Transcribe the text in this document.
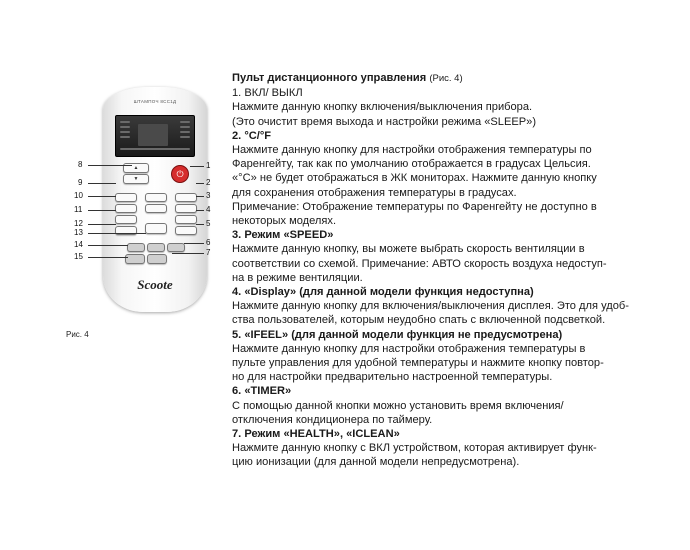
ШТАМПОЧ 8СС1Д
▲
▼
⏻
Scoote
8
9
10
11
12
13
14
15
1
2
3
4
5
6
7
Рис. 4
Пульт дистанционного управления (Рис. 4)
1. ВКЛ/ ВЫКЛ
Нажмите данную кнопку включения/выключения прибора.
(Это очистит время выхода и настройки режима «SLEEP»)
2. °C/°F
Нажмите данную кнопку для настройки отображения температуры по
Фаренгейту, так как по умолчанию отображается в градусах Цельсия.
«°C» не будет отображаться в ЖК мониторах. Нажмите данную кнопку
для сохранения отображения температуры в градусах.
Примечание: Отображение температуры по Фаренгейту не доступно в
некоторых моделях.
3. Режим «SPEED»
Нажмите данную кнопку, вы можете выбрать скорость вентиляции в
соответствии со схемой. Примечание: АВТО скорость воздуха недоступ-
на в режиме вентиляции.
4. «Display» (для данной модели функция недоступна)
Нажмите данную кнопку для включения/выключения дисплея. Это для удоб-
ства пользователей, которым неудобно спать с включенной подсветкой.
5. «IFEEL» (для данной модели функция не предусмотрена)
Нажмите данную кнопку для настройки отображения температуры в
пульте управления для удобной температуры и нажмите кнопку повтор-
но для настройки предварительно настроенной температуры.
6. «TIMER»
С помощью данной кнопки можно установить время включения/
отключения кондиционера по таймеру.
7. Режим «HEALTH», «ICLEAN»
Нажмите данную кнопку с ВКЛ устройством, которая активирует функ-
цию ионизации (для данной модели непредусмотрена).
